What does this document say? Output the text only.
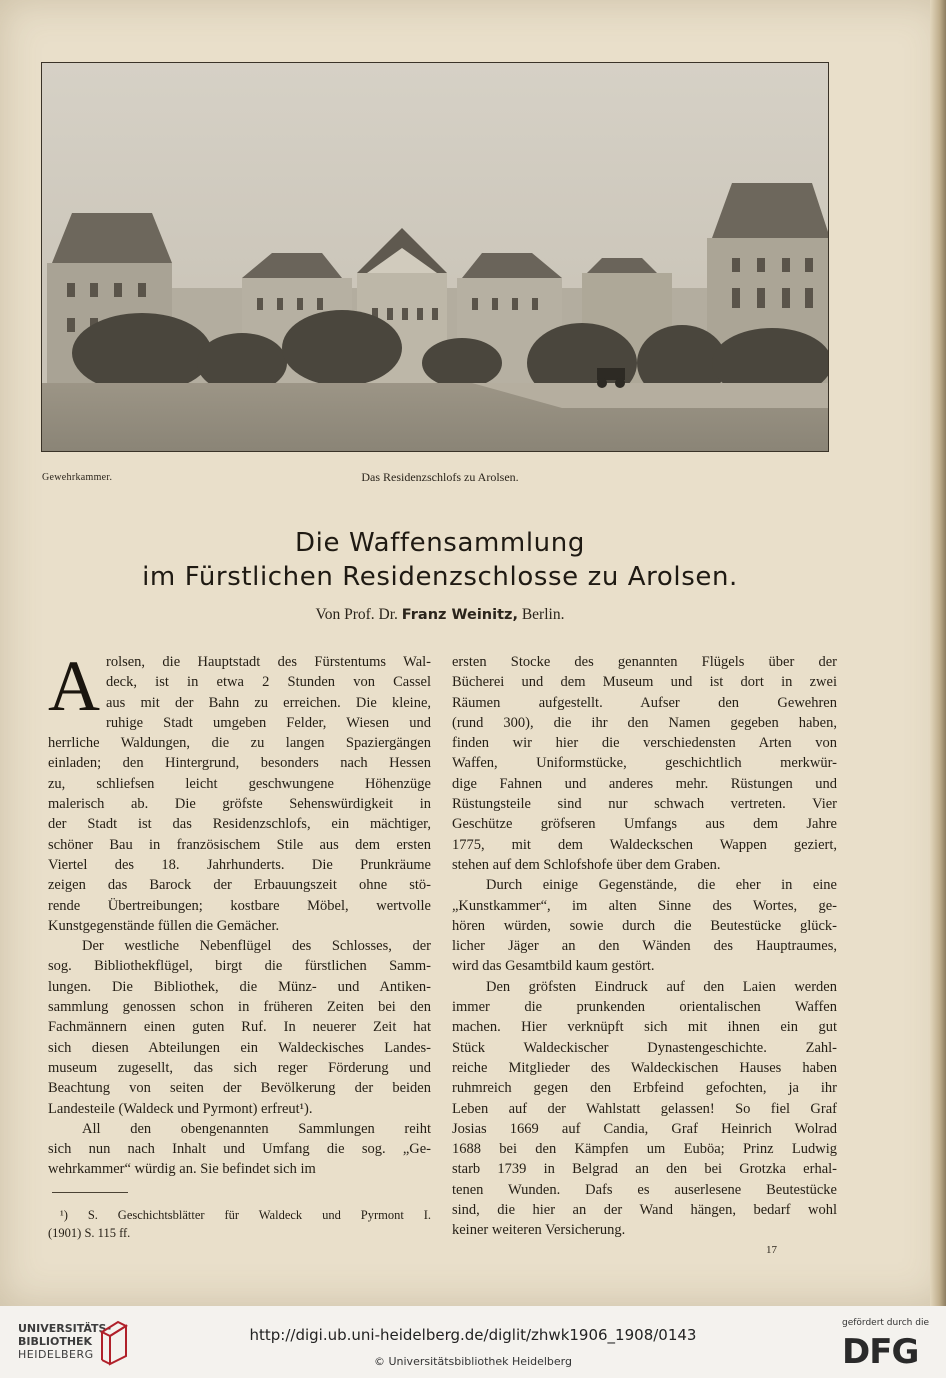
Gewehrkammer.	Das Residenzschlofs zu Arolsen.
Die Waffensammlung
im Fürstlichen Residenzschlosse zu Arolsen.
Von Prof. Dr. Franz Weinitz, Berlin.
A rolsen, die Hauptstadt des Fürstentums Wal-
deck, ist in etwa 2 Stunden von Cassel
aus mit der Bahn zu erreichen. Die kleine,
ruhige Stadt umgeben Felder, Wiesen und
herrliche Waldungen, die zu langen Spaziergängen
einladen; den Hintergrund, besonders nach Hessen
zu, schliefsen leicht geschwungene Höhenzüge
malerisch ab. Die gröfste Sehenswürdigkeit in
der Stadt ist das Residenzschlofs, ein mächtiger,
schöner Bau in französischem Stile aus dem ersten
Viertel des 18. Jahrhunderts. Die Prunkräume
zeigen das Barock der Erbauungszeit ohne stö-
rende Übertreibungen; kostbare Möbel, wertvolle
Kunstgegenstände füllen die Gemächer.
Der westliche Nebenflügel des Schlosses, der
sog. Bibliothekflügel, birgt die fürstlichen Samm-
lungen. Die Bibliothek, die Münz- und Antiken-
sammlung genossen schon in früheren Zeiten bei den
Fachmännern einen guten Ruf. In neuerer Zeit hat
sich diesen Abteilungen ein Waldeckisches Landes-
museum zugesellt, das sich reger Förderung und
Beachtung von seiten der Bevölkerung der beiden
Landesteile (Waldeck und Pyrmont) erfreut¹).
All den obengenannten Sammlungen reiht
sich nun nach Inhalt und Umfang die sog. „Ge-
wehrkammer“ würdig an. Sie befindet sich im
ersten Stocke des genannten Flügels über der
Bücherei und dem Museum und ist dort in zwei
Räumen aufgestellt. Aufser den Gewehren
(rund 300), die ihr den Namen gegeben haben,
finden wir hier die verschiedensten Arten von
Waffen, Uniformstücke, geschichtlich merkwür-
dige Fahnen und anderes mehr. Rüstungen und
Rüstungsteile sind nur schwach vertreten. Vier
Geschütze gröfseren Umfangs aus dem Jahre
1775, mit dem Waldeckschen Wappen geziert,
stehen auf dem Schlofshofe über dem Graben.
Durch einige Gegenstände, die eher in eine
„Kunstkammer“, im alten Sinne des Wortes, ge-
hören würden, sowie durch die Beutestücke glück-
licher Jäger an den Wänden des Hauptraumes,
wird das Gesamtbild kaum gestört.
Den gröfsten Eindruck auf den Laien werden
immer die prunkenden orientalischen Waffen
machen. Hier verknüpft sich mit ihnen ein gut
Stück Waldeckischer Dynastengeschichte. Zahl-
reiche Mitglieder des Waldeckischen Hauses haben
ruhmreich gegen den Erbfeind gefochten, ja ihr
Leben auf der Wahlstatt gelassen! So fiel Graf
Josias 1669 auf Candia, Graf Heinrich Wolrad
1688 bei den Kämpfen um Euböa; Prinz Ludwig
starb 1739 in Belgrad an den bei Grotzka erhal-
tenen Wunden. Dafs es auserlesene Beutestücke
sind, die hier an der Wand hängen, bedarf wohl
keiner weiteren Versicherung.
¹) S. Geschichtsblätter für Waldeck und Pyrmont I.
(1901) S. 115 ff.
17
UNIVERSITÄTS-
BIBLIOTHEK
HEIDELBERG
http://digi.ub.uni-heidelberg.de/diglit/zhwk1906_1908/0143
© Universitätsbibliothek Heidelberg
gefördert durch die
DFG
